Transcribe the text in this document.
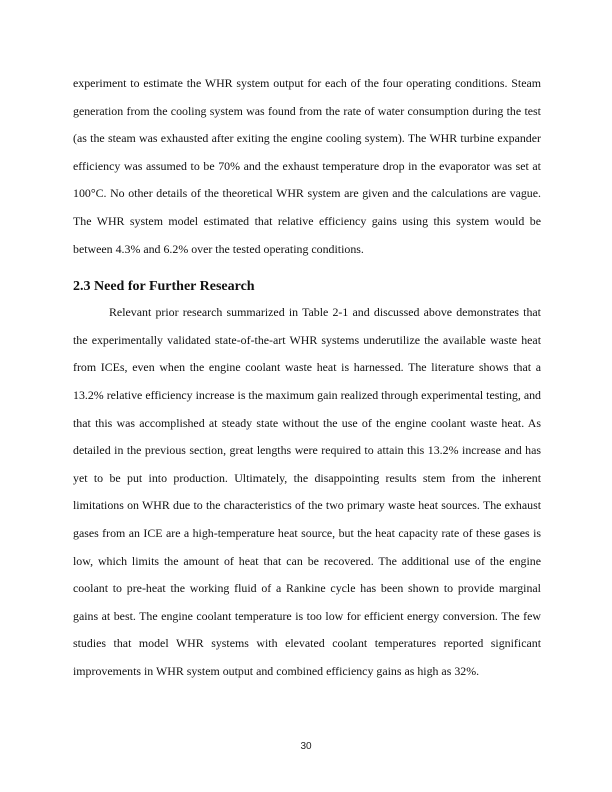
experiment to estimate the WHR system output for each of the four operating conditions. Steam generation from the cooling system was found from the rate of water consumption during the test (as the steam was exhausted after exiting the engine cooling system). The WHR turbine expander efficiency was assumed to be 70% and the exhaust temperature drop in the evaporator was set at 100°C. No other details of the theoretical WHR system are given and the calculations are vague. The WHR system model estimated that relative efficiency gains using this system would be between 4.3% and 6.2% over the tested operating conditions.

2.3 Need for Further Research

Relevant prior research summarized in Table 2-1 and discussed above demonstrates that the experimentally validated state-of-the-art WHR systems underutilize the available waste heat from ICEs, even when the engine coolant waste heat is harnessed. The literature shows that a 13.2% relative efficiency increase is the maximum gain realized through experimental testing, and that this was accomplished at steady state without the use of the engine coolant waste heat. As detailed in the previous section, great lengths were required to attain this 13.2% increase and has yet to be put into production. Ultimately, the disappointing results stem from the inherent limitations on WHR due to the characteristics of the two primary waste heat sources. The exhaust gases from an ICE are a high-temperature heat source, but the heat capacity rate of these gases is low, which limits the amount of heat that can be recovered. The additional use of the engine coolant to pre-heat the working fluid of a Rankine cycle has been shown to provide marginal gains at best. The engine coolant temperature is too low for efficient energy conversion. The few studies that model WHR systems with elevated coolant temperatures reported significant improvements in WHR system output and combined efficiency gains as high as 32%.

30
